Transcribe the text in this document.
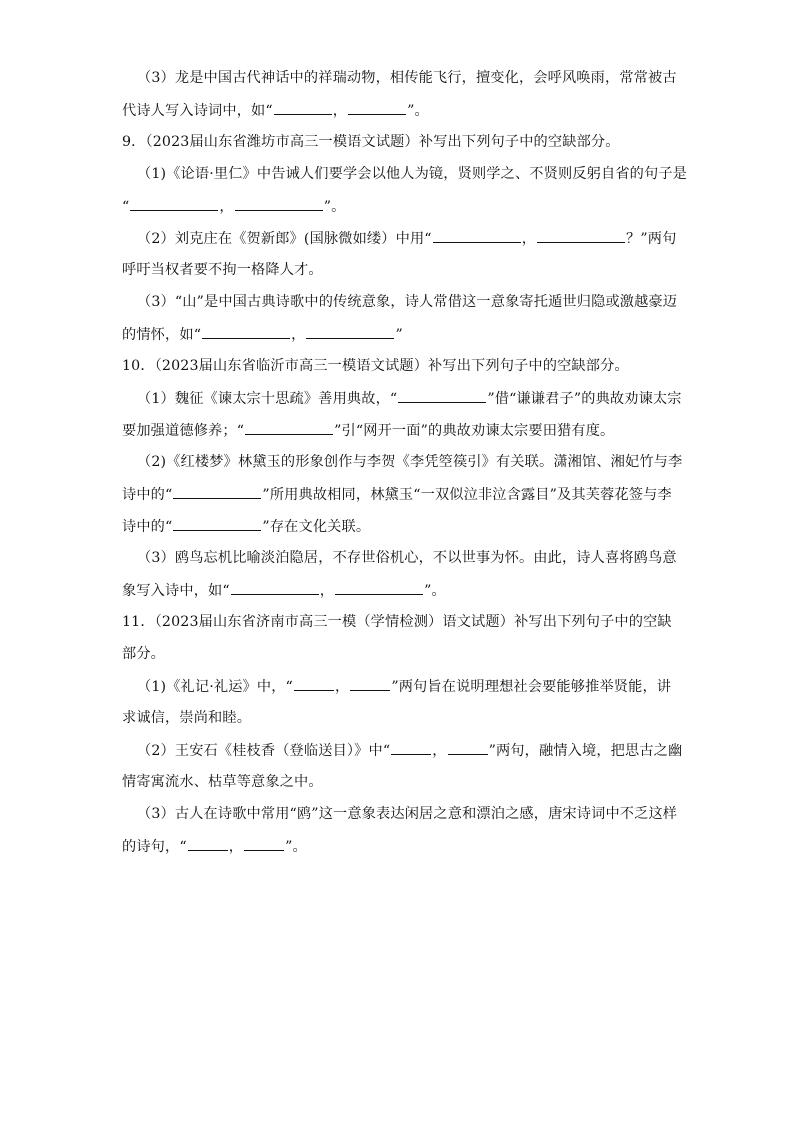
（3）龙是中国古代神话中的祥瑞动物，相传能飞行，擅变化，会呼风唤雨，常常被古
代诗人写入诗词中，如“	，	”。
9．（2023届山东省潍坊市高三一模语文试题）补写出下列句子中的空缺部分。
（1)《论语·里仁》中告诫人们要学会以他人为镜，贤则学之、不贤则反躬自省的句子是
“	，	”。
（2）刘克庄在《贺新郎》(国脉微如缕）中用“	，	？”两句
呼吁当权者要不拘一格降人才。
（3）“山”是中国古典诗歌中的传统意象，诗人常借这一意象寄托遁世归隐或激越豪迈
的情怀，如“	，	”
10．（2023届山东省临沂市高三一模语文试题）补写出下列句子中的空缺部分。
（1）魏征《谏太宗十思疏》善用典故，“	”借“谦谦君子”的典故劝谏太宗
要加强道德修养；“	”引“网开一面”的典故劝谏太宗要田猎有度。
（2)《红楼梦》林黛玉的形象创作与李贺《李凭箜篌引》有关联。潇湘馆、湘妃竹与李
诗中的“	”所用典故相同，林黛玉“一双似泣非泣含露目”及其芙蓉花签与李
诗中的“	”存在文化关联。
（3）鸥鸟忘机比喻淡泊隐居，不存世俗机心，不以世事为怀。由此，诗人喜将鸥鸟意
象写入诗中，如“	，	”。
11．（2023届山东省济南市高三一模（学情检测）语文试题）补写出下列句子中的空缺
部分。
（1)《礼记·礼运》中，“	，	”两句旨在说明理想社会要能够推举贤能，讲
求诚信，崇尚和睦。
（2）王安石《桂枝香（登临送目）》中“	，	”两句，融情入境，把思古之幽
情寄寓流水、枯草等意象之中。
（3）古人在诗歌中常用“鸥”这一意象表达闲居之意和漂泊之感，唐宋诗词中不乏这样
的诗句，“	，	”。
